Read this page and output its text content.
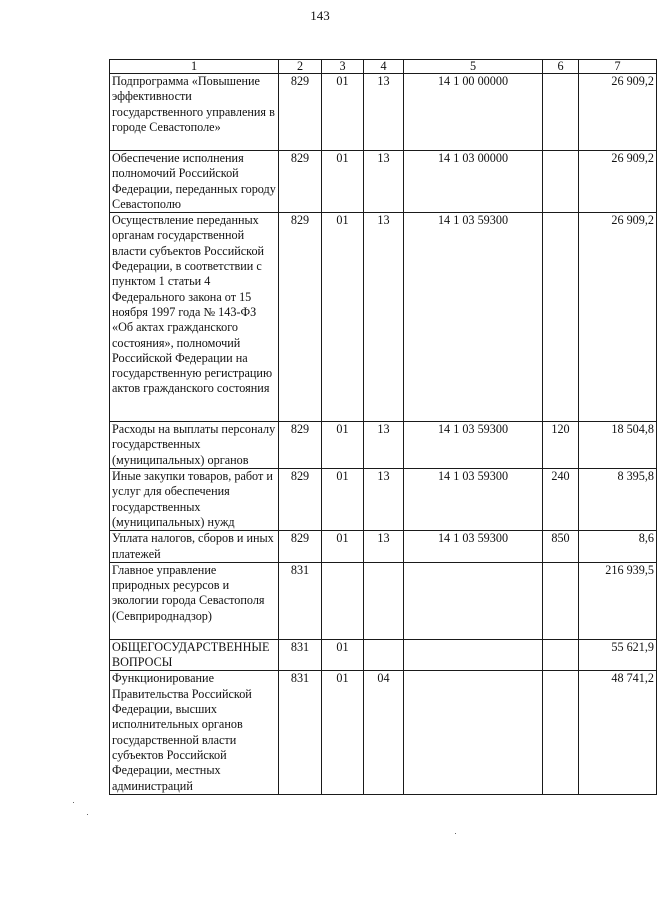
143
1	2	3	4	5	6	7
Подпрограмма «Повышение эффективности государственного управления в городе Севастополе»	829	01	13	14 1 00 00000		26 909,2
Обеспечение исполнения полномочий Российской Федерации, переданных городу Севастополю	829	01	13	14 1 03 00000		26 909,2
Осуществление переданных органам государственной власти субъектов Российской Федерации, в соответствии с пунктом 1 статьи 4 Федерального закона от 15 ноября 1997 года № 143-ФЗ «Об актах гражданского состояния», полномочий Российской Федерации на государственную регистрацию актов гражданского состояния	829	01	13	14 1 03 59300		26 909,2
Расходы на выплаты персоналу государственных (муниципальных) органов	829	01	13	14 1 03 59300	120	18 504,8
Иные закупки товаров, работ и услуг для обеспечения государственных (муниципальных) нужд	829	01	13	14 1 03 59300	240	8 395,8
Уплата налогов, сборов и иных платежей	829	01	13	14 1 03 59300	850	8,6
Главное управление природных ресурсов и экологии города Севастополя (Севприроднадзор)	831					216 939,5
ОБЩЕГОСУДАРСТВЕННЫЕ ВОПРОСЫ	831	01				55 621,9
Функционирование Правительства Российской Федерации, высших исполнительных органов государственной власти субъектов Российской Федерации, местных администраций	831	01	04			48 741,2
